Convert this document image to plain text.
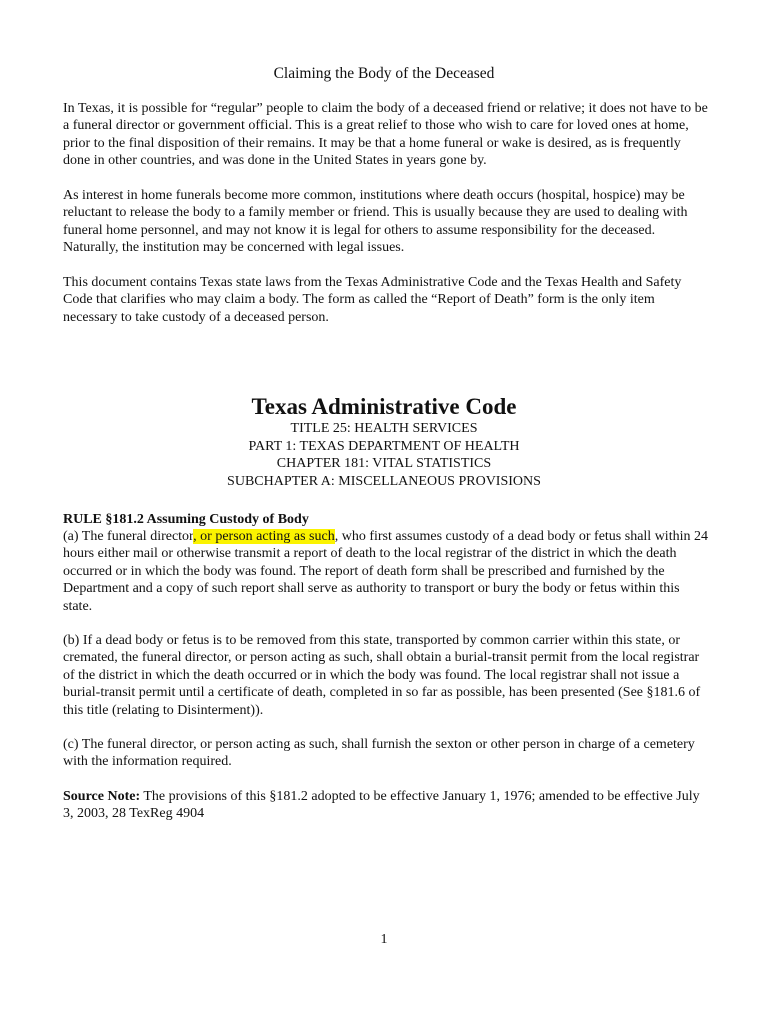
Claiming the Body of the Deceased

In Texas, it is possible for “regular” people to claim the body of a deceased friend or relative; it does not have to be a funeral director or government official. This is a great relief to those who wish to care for loved ones at home, prior to the final disposition of their remains. It may be that a home funeral or wake is desired, as is frequently done in other countries, and was done in the United States in years gone by.

As interest in home funerals become more common, institutions where death occurs (hospital, hospice) may be reluctant to release the body to a family member or friend. This is usually because they are used to dealing with funeral home personnel, and may not know it is legal for others to assume responsibility for the deceased. Naturally, the institution may be concerned with legal issues.

This document contains Texas state laws from the Texas Administrative Code and the Texas Health and Safety Code that clarifies who may claim a body. The form as called the “Report of Death” form is the only item necessary to take custody of a deceased person.

Texas Administrative Code
TITLE 25: HEALTH SERVICES
PART 1: TEXAS DEPARTMENT OF HEALTH
CHAPTER 181: VITAL STATISTICS
SUBCHAPTER A: MISCELLANEOUS PROVISIONS
RULE §181.2 Assuming Custody of Body

(a) The funeral director, or person acting as such, who first assumes custody of a dead body or fetus shall within 24 hours either mail or otherwise transmit a report of death to the local registrar of the district in which the death occurred or in which the body was found. The report of death form shall be prescribed and furnished by the Department and a copy of such report shall serve as authority to transport or bury the body or fetus within this state.

(b) If a dead body or fetus is to be removed from this state, transported by common carrier within this state, or cremated, the funeral director, or person acting as such, shall obtain a burial-transit permit from the local registrar of the district in which the death occurred or in which the body was found. The local registrar shall not issue a burial-transit permit until a certificate of death, completed in so far as possible, has been presented (See §181.6 of this title (relating to Disinterment)).

(c) The funeral director, or person acting as such, shall furnish the sexton or other person in charge of a cemetery with the information required.

Source Note: The provisions of this §181.2 adopted to be effective January 1, 1976; amended to be effective July 3, 2003, 28 TexReg 4904

1
